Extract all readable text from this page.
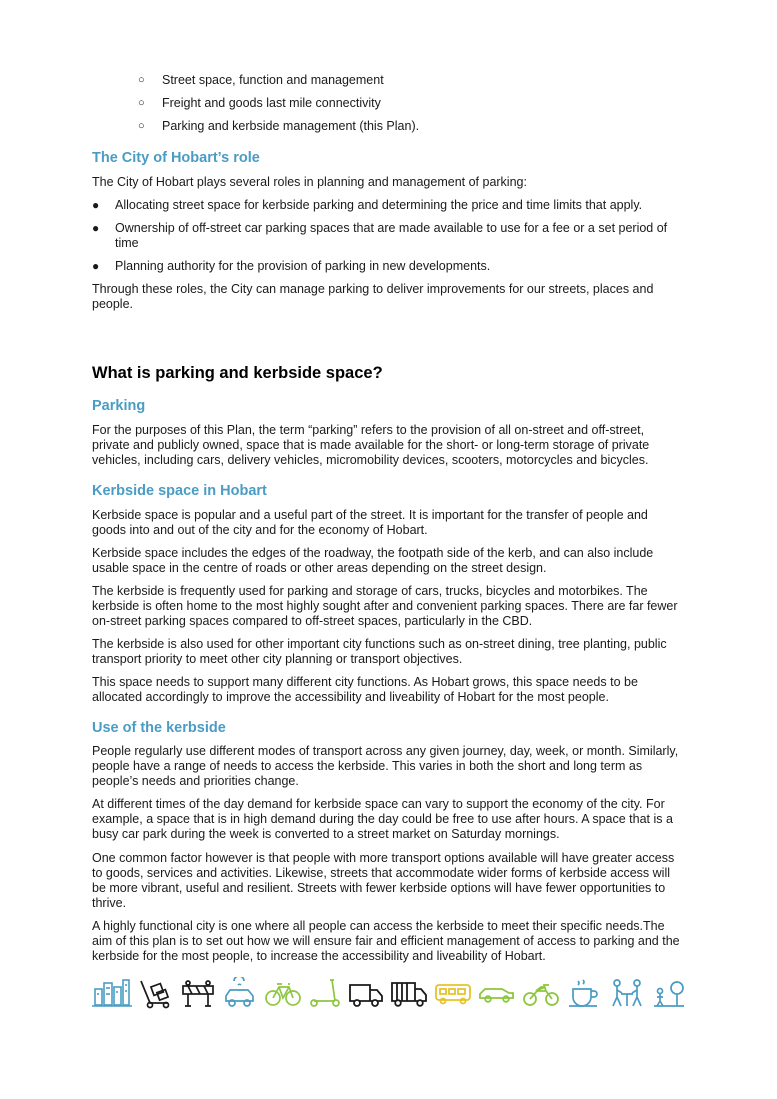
○ Street space, function and management
○ Freight and goods last mile connectivity
○ Parking and kerbside management (this Plan).
The City of Hobart’s role

The City of Hobart plays several roles in planning and management of parking:

● Allocating street space for kerbside parking and determining the price and time limits that apply.
● Ownership of off-street car parking spaces that are made available to use for a fee or a set period of time
● Planning authority for the provision of parking in new developments.

Through these roles, the City can manage parking to deliver improvements for our streets, places and people.

What is parking and kerbside space?
Parking

For the purposes of this Plan, the term “parking” refers to the provision of all on-street and off-street, private and publicly owned, space that is made available for the short- or long-term storage of private vehicles, including cars, delivery vehicles, micromobility devices, scooters, motorcycles and bicycles.

Kerbside space in Hobart

Kerbside space is popular and a useful part of the street. It is important for the transfer of people and goods into and out of the city and for the economy of Hobart.

Kerbside space includes the edges of the roadway, the footpath side of the kerb, and can also include usable space in the centre of roads or other areas depending on the street design.

The kerbside is frequently used for parking and storage of cars, trucks, bicycles and motorbikes. The kerbside is often home to the most highly sought after and convenient parking spaces. There are far fewer on-street parking spaces compared to off-street spaces, particularly in the CBD.

The kerbside is also used for other important city functions such as on-street dining, tree planting, public transport priority to meet other city planning or transport objectives.

This space needs to support many different city functions. As Hobart grows, this space needs to be allocated accordingly to improve the accessibility and liveability of Hobart for the most people.

Use of the kerbside

People regularly use different modes of transport across any given journey, day, week, or month. Similarly, people have a range of needs to access the kerbside. This varies in both the short and long term as people’s needs and priorities change.

At different times of the day demand for kerbside space can vary to support the economy of the city. For example, a space that is in high demand during the day could be free to use after hours. A space that is a busy car park during the week is converted to a street market on Saturday mornings.

One common factor however is that people with more transport options available will have greater access to goods, services and activities. Likewise, streets that accommodate wider forms of kerbside access will be more vibrant, useful and resilient. Streets with fewer kerbside options will have fewer opportunities to thrive.

A highly functional city is one where all people can access the kerbside to meet their specific needs.The aim of this plan is to set out how we will ensure fair and efficient management of access to parking and the kerbside for the most people, to increase the accessibility and liveability of Hobart.
